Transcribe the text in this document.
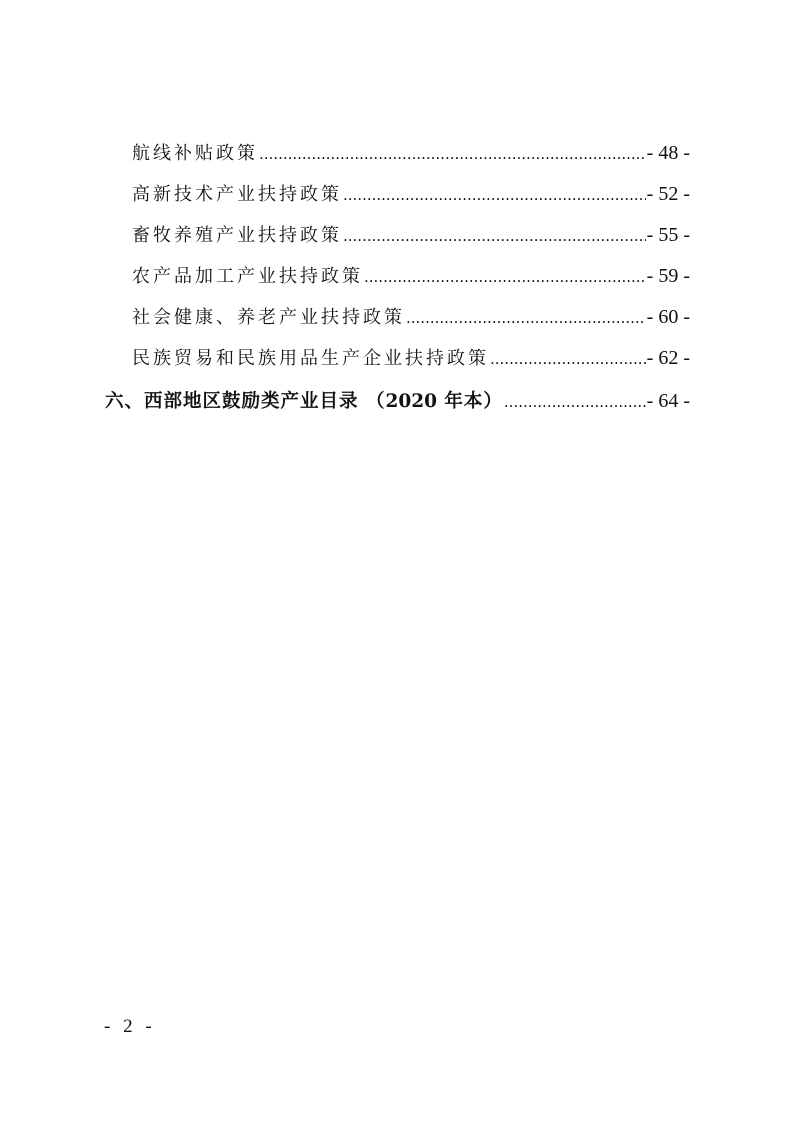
航线补贴政策 .....	- 48 -
高新技术产业扶持政策 .....	- 52 -
畜牧养殖产业扶持政策 .....	- 55 -
农产品加工产业扶持政策 .....	- 59 -
社会健康、养老产业扶持政策 .....	- 60 -
民族贸易和民族用品生产企业扶持政策 .....	- 62 -
六、西部地区鼓励类产业目录 （2020 年本） .....	- 64 -
- 2 -
